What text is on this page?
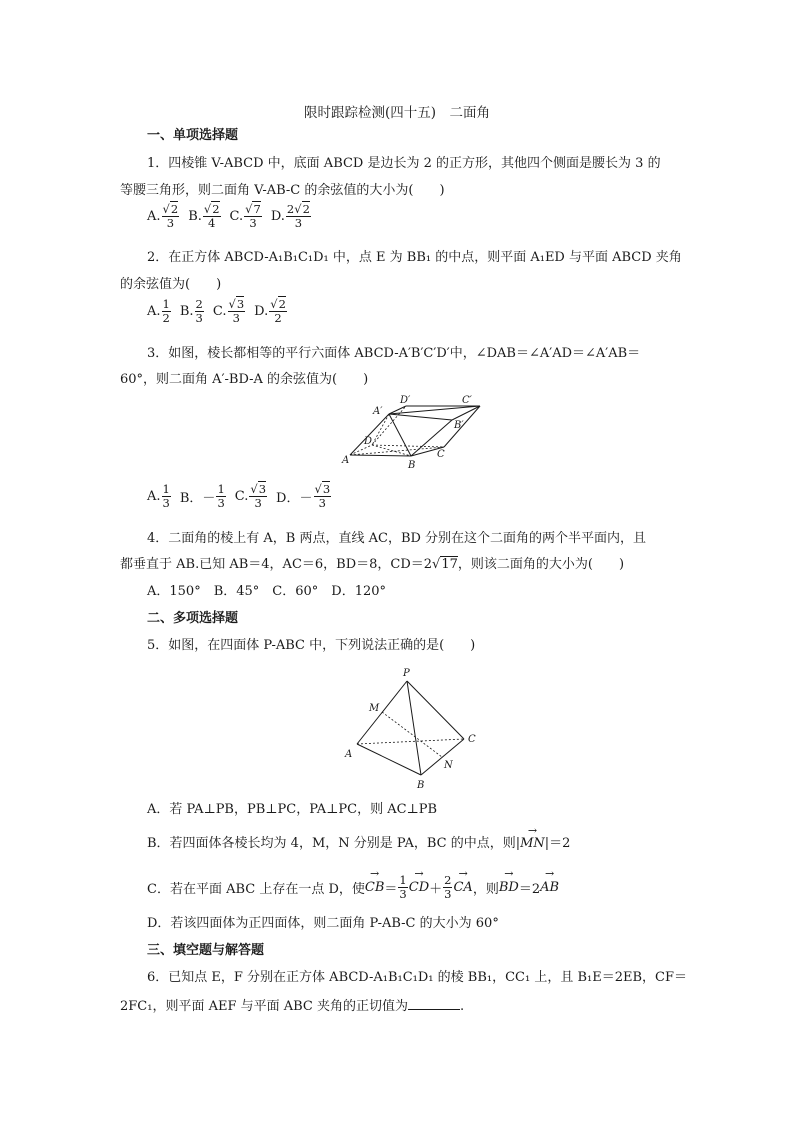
限时跟踪检测(四十五)　二面角
一、单项选择题
1．四棱锥 V-ABCD 中，底面 ABCD 是边长为 2 的正方形，其他四个侧面是腰长为 3 的
等腰三角形，则二面角 V-AB-C 的余弦值的大小为(　　)
A. $\frac{√2}{3} B$. $\frac{√2}{4} C$. $\frac{√7}{3} D$. $\frac{2√2}{3}$
2．在正方体 ABCD-A₁B₁C₁D₁ 中，点 E 为 BB₁ 的中点，则平面 A₁ED 与平面 ABCD 夹角
的余弦值为(　　)
A. $\frac{1}{2} B$. $\frac{2}{3} C$. $\frac{√3}{3} D$. $\frac{√2}{2}$
3．如图，棱长都相等的平行六面体 ABCD-A′B′C′D′中，∠DAB＝∠A′AD＝∠A′AB＝
60°，则二面角 A′-BD-A 的余弦值为(　　)
A′
D′	C′
B′
D
A	B
C
A. $\frac{1}{3}$ B． － $\frac{1}{3} C$. $\frac{√3}{3}$ D． － $\frac{√3}{3}$
4．二面角的棱上有 A，B 两点，直线 AC，BD 分别在这个二面角的两个半平面内，且
都垂直于 AB.已知 AB＝4，AC＝6，BD＝8，CD＝2√17，则该二面角的大小为(　　)
A．150°　B．45°　C．60°　D．120°
二、多项选择题
5．如图，在四面体 P-ABC 中，下列说法正确的是(　　)
P
M
A
B
C
N
A．若 PA⊥PB，PB⊥PC，PA⊥PC，则 AC⊥PB
B．若四面体各棱长均为 4，M，N 分别是 PA，BC 的中点，则|→ MN|＝2
C．若在平面 ABC 上存在一点 D，使 → CB ＝ $\frac{1}{3}$ → CD ＋ $\frac{2}{3}$ → CA ，则 → BD ＝2 → AB
D．若该四面体为正四面体，则二面角 P-AB-C 的大小为 60°
三、填空题与解答题
6．已知点 E，F 分别在正方体 ABCD-A₁B₁C₁D₁ 的棱 BB₁，CC₁ 上，且 B₁E＝2EB，CF＝
2FC₁，则平面 AEF 与平面 ABC 夹角的正切值为	.
